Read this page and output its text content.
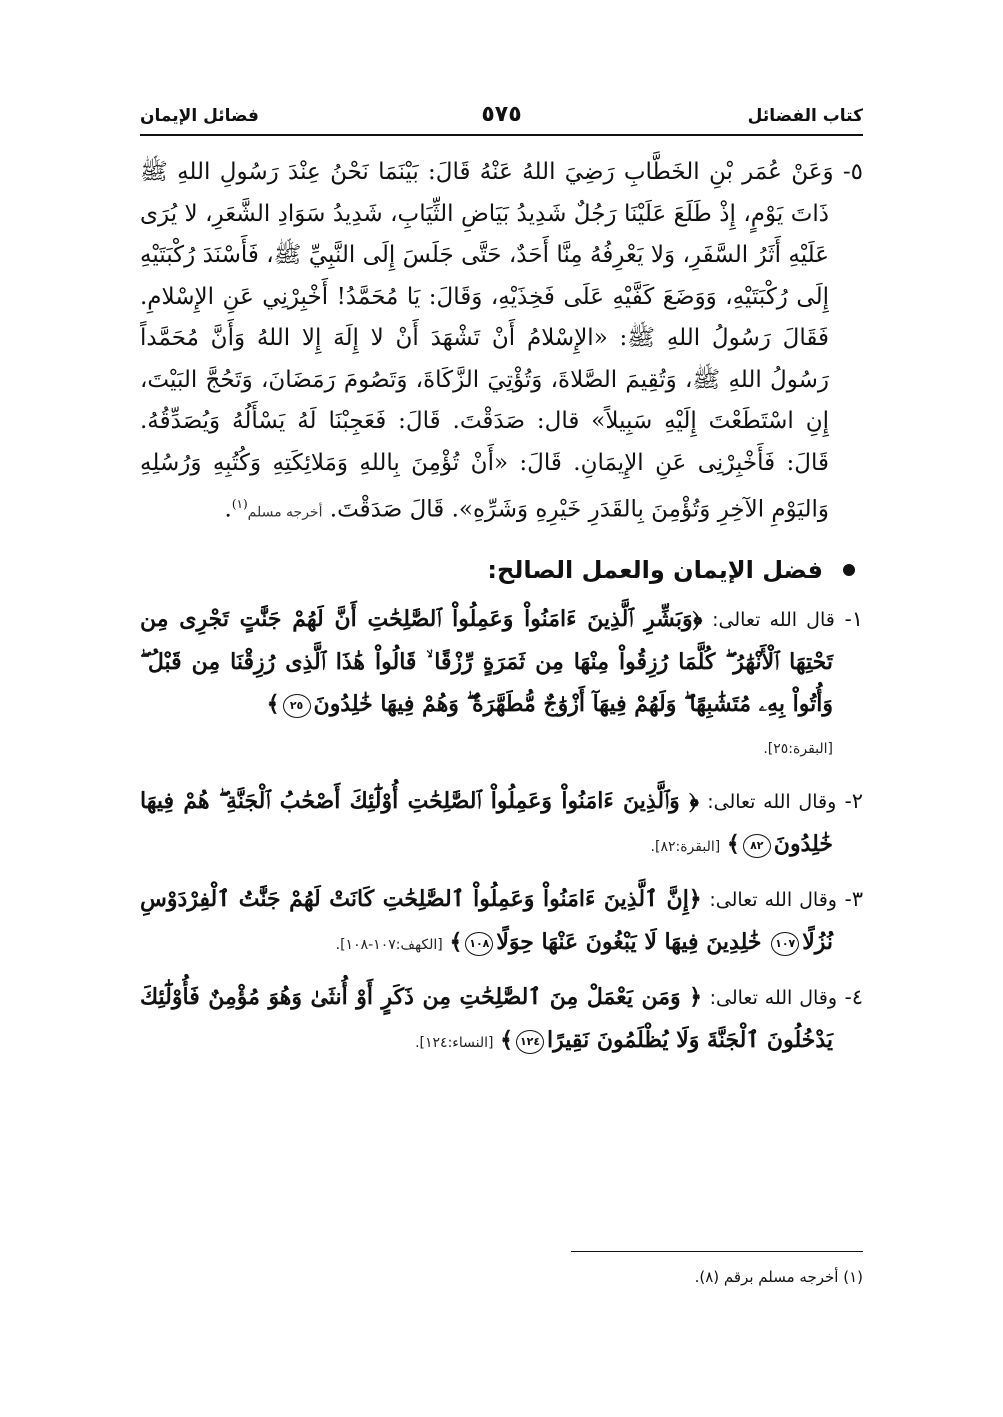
كتاب الفضائل
٥٧٥
فضائل الإيمان

٥- وَعَنْ عُمَر بْنِ الخَطَّابِ رَضِيَ اللهُ عَنْهُ قَالَ: بَيْنَمَا نَحْنُ عِنْدَ رَسُولِ اللهِ ﷺ ذَاتَ يَوْمٍ، إِذْ طَلَعَ عَلَيْنَا رَجُلٌ شَدِيدُ بَيَاضِ الثِّيَابِ، شَدِيدُ سَوَادِ الشَّعَرِ، لا يُرَى عَلَيْهِ أَثَرُ السَّفَرِ، وَلا يَعْرِفُهُ مِنَّا أَحَدٌ، حَتَّى جَلَسَ إِلَى النَّبِيِّ ﷺ، فَأَسْنَدَ رُكْبَتَيْهِ إِلَى رُكْبَتَيْهِ، وَوَضَعَ كَفَّيْهِ عَلَى فَخِذَيْهِ، وَقَالَ: يَا مُحَمَّدُ! أَخْبِرْنِي عَنِ الإِسْلامِ. فَقَالَ رَسُولُ اللهِ ﷺ: «الإِسْلامُ أَنْ تَشْهَدَ أَنْ لا إِلَهَ إِلا اللهُ وَأَنَّ مُحَمَّداً رَسُولُ اللهِ ﷺ، وَتُقِيمَ الصَّلاةَ، وَتُؤْتِيَ الزَّكَاةَ، وَتَصُومَ رَمَضَانَ، وَتَحُجَّ البَيْتَ، إِنِ اسْتَطَعْتَ إِلَيْهِ سَبِيلاً» قال: صَدَقْتَ. قَالَ: فَعَجِبْنَا لَهُ يَسْأَلُهُ وَيُصَدِّقُهُ. قَالَ: فَأَخْبِرْنِى عَنِ الإِيمَانِ. قَالَ: «أَنْ تُؤْمِنَ بِاللهِ وَمَلائِكَتِهِ وَكُتُبِهِ وَرُسُلِهِ وَاليَوْمِ الآخِرِ وَتُؤْمِنَ بِالقَدَرِ خَيْرِهِ وَشَرِّهِ». قَالَ صَدَقْتَ. أخرجه مسلم$^{(١)}$.

فضل الإيمان والعمل الصالح:

١- قال الله تعالى: ﴿وَبَشِّرِ ٱلَّذِينَ ءَامَنُواْ وَعَمِلُواْ ٱلصَّٰلِحَٰتِ أَنَّ لَهُمْ جَنَّٰتٍ تَجْرِى مِن تَحْتِهَا ٱلْأَنْهَٰرُ ۖ كُلَّمَا رُزِقُواْ مِنْهَا مِن ثَمَرَةٍ رِّزْقًا ۙ قَالُواْ هَٰذَا ٱلَّذِى رُزِقْنَا مِن قَبْلُ ۖ وَأُتُواْ بِهِۦ مُتَشَٰبِهًا ۖ وَلَهُمْ فِيهَآ أَزْوَٰجٌ مُّطَهَّرَةٌ ۖ وَهُمْ فِيهَا خَٰلِدُونَ٢٥﴾
[البقرة:٢٥].

٢- وقال الله تعالى: ﴿ وَٱلَّذِينَ ءَامَنُواْ وَعَمِلُواْ ٱلصَّٰلِحَٰتِ أُوْلَٰٓئِكَ أَصْحَٰبُ ٱلْجَنَّةِ ۖ هُمْ فِيهَا خَٰلِدُونَ٨٢﴾ [البقرة:٨٢].

٣- وقال الله تعالى: ﴿إِنَّ ٱلَّذِينَ ءَامَنُواْ وَعَمِلُواْ ٱلصَّٰلِحَٰتِ كَانَتْ لَهُمْ جَنَّٰتُ ٱلْفِرْدَوْسِ نُزُلًا١٠٧ خَٰلِدِينَ فِيهَا لَا يَبْغُونَ عَنْهَا حِوَلًا١٠٨﴾ [الكهف:١٠٧-١٠٨].

٤- وقال الله تعالى: ﴿ وَمَن يَعْمَلْ مِنَ ٱلصَّٰلِحَٰتِ مِن ذَكَرٍ أَوْ أُنثَىٰ وَهُوَ مُؤْمِنٌ فَأُوْلَٰٓئِكَ يَدْخُلُونَ ٱلْجَنَّةَ وَلَا يُظْلَمُونَ نَقِيرًا١٢٤﴾ [النساء:١٢٤].

(١) أخرجه مسلم برقم (٨).
